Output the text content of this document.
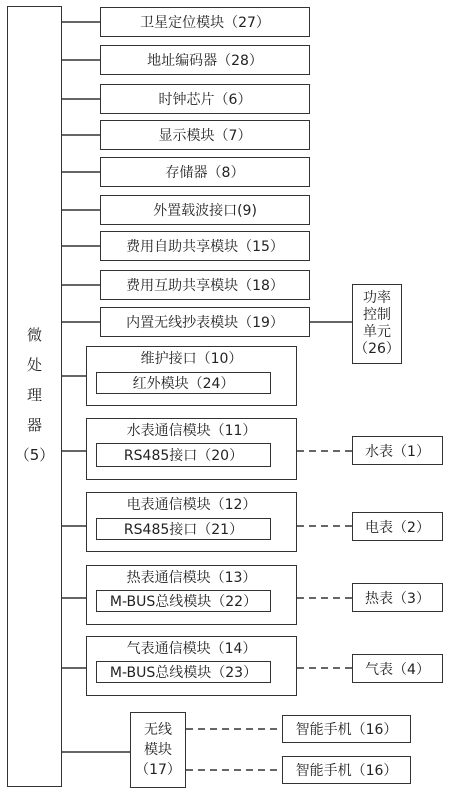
微
处
理
器
（5）
卫星定位模块（27）
地址编码器（28）
时钟芯片（6）
显示模块（7）
存储器（8）
外置载波接口(9)
费用自助共享模块（15）
费用互助共享模块（18）
内置无线抄表模块（19）
功率
控制
单元
（26）
维护接口（10）
红外模块（24）
水表通信模块（11）
RS485接口（20）	水表（1）
电表通信模块（12）
RS485接口（21）	电表（2）
热表通信模块（13）
M-BUS总线模块（22）	热表（3）
气表通信模块（14）
M-BUS总线模块（23）	气表（4）
无线
模块
（17）
智能手机（16）
智能手机（16）
